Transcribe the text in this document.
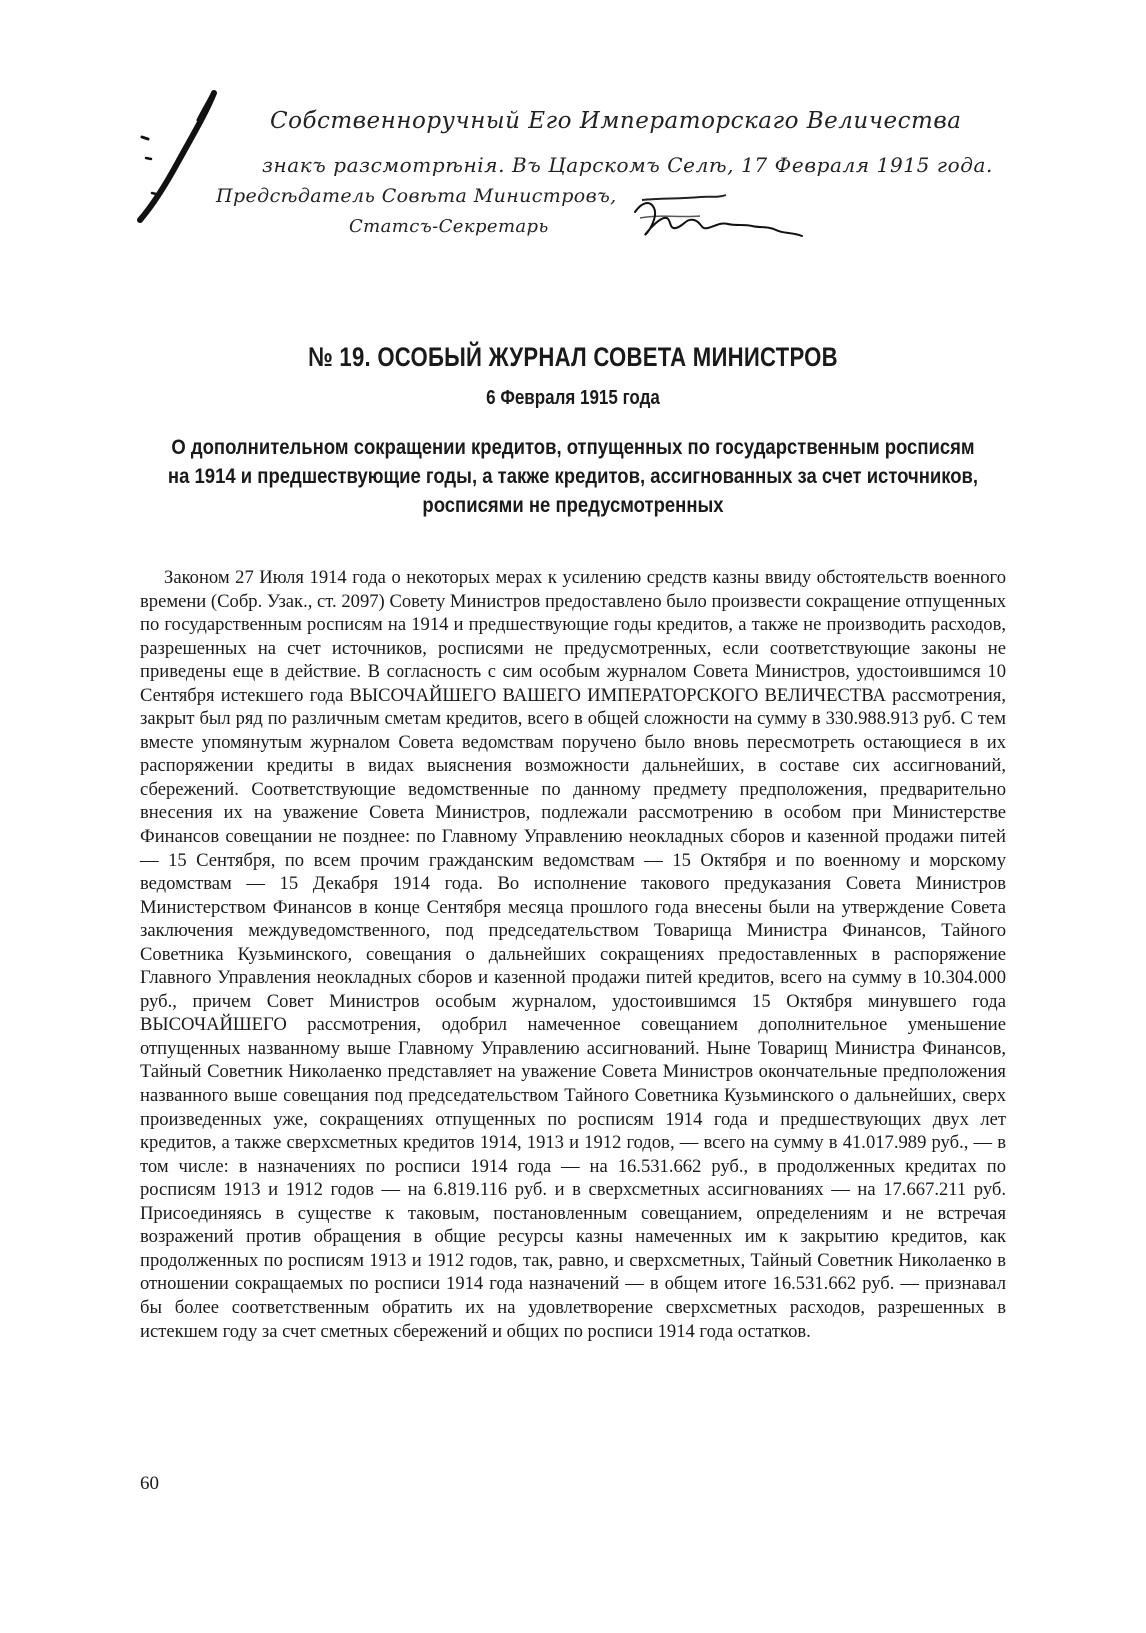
Собственноручный Его Императорскаго Величества
знакъ разсмотрѣнія. Въ Царскомъ Селѣ, 17 Февраля 1915 года.
Предсѣдатель Совѣта Министровъ,
Статсъ-Секретарь
№ 19. ОСОБЫЙ ЖУРНАЛ СОВЕТА МИНИСТРОВ
6 Февраля 1915 года
О дополнительном сокращении кредитов, отпущенных по государственным росписям на 1914 и предшествующие годы, а также кредитов, ассигнованных за счет источников, росписями не предусмотренных

Законом 27 Июля 1914 года о некоторых мерах к усилению средств казны ввиду обстоятельств военного времени (Собр. Узак., ст. 2097) Совету Министров предоставлено было произвести сокращение отпущенных по государственным росписям на 1914 и предшествующие годы кредитов, а также не производить расходов, разрешенных на счет источников, росписями не предусмотренных, если соответствующие законы не приведены еще в действие. В согласность с сим особым журналом Совета Министров, удостоившимся 10 Сентября истекшего года ВЫСОЧАЙШЕГО ВАШЕГО ИМПЕРАТОРСКОГО ВЕЛИЧЕСТВА рассмотрения, закрыт был ряд по различным сметам кредитов, всего в общей сложности на сумму в 330.988.913 руб. С тем вместе упомянутым журналом Совета ведомствам поручено было вновь пересмотреть остающиеся в их распоряжении кредиты в видах выяснения возможности дальнейших, в составе сих ассигнований, сбережений. Соответствующие ведомственные по данному предмету предположения, предварительно внесения их на уважение Совета Министров, подлежали рассмотрению в особом при Министерстве Финансов совещании не позднее: по Главному Управлению неокладных сборов и казенной продажи питей — 15 Сентября, по всем прочим гражданским ведомствам — 15 Октября и по военному и морскому ведомствам — 15 Декабря 1914 года. Во исполнение такового предуказания Совета Министров Министерством Финансов в конце Сентября месяца прошлого года внесены были на утверждение Совета заключения междуведомственного, под председательством Товарища Министра Финансов, Тайного Советника Кузьминского, совещания о дальнейших сокращениях предоставленных в распоряжение Главного Управления неокладных сборов и казенной продажи питей кредитов, всего на сумму в 10.304.000 руб., причем Совет Министров особым журналом, удостоившимся 15 Октября минувшего года ВЫСОЧАЙШЕГО рассмотрения, одобрил намеченное совещанием дополнительное уменьшение отпущенных названному выше Главному Управлению ассигнований. Ныне Товарищ Министра Финансов, Тайный Советник Николаенко представляет на уважение Совета Министров окончательные предположения названного выше совещания под председательством Тайного Советника Кузьминского о дальнейших, сверх произведенных уже, сокращениях отпущенных по росписям 1914 года и предшествующих двух лет кредитов, а также сверхсметных кредитов 1914, 1913 и 1912 годов, — всего на сумму в 41.017.989 руб., — в том числе: в назначениях по росписи 1914 года — на 16.531.662 руб., в продолженных кредитах по росписям 1913 и 1912 годов — на 6.819.116 руб. и в сверхсметных ассигнованиях — на 17.667.211 руб. Присоединяясь в существе к таковым, постановленным совещанием, определениям и не встречая возражений против обращения в общие ресурсы казны намеченных им к закрытию кредитов, как продолженных по росписям 1913 и 1912 годов, так, равно, и сверхсметных, Тайный Советник Николаенко в отношении сокращаемых по росписи 1914 года назначений — в общем итоге 16.531.662 руб. — признавал бы более соответственным обратить их на удовлетворение сверхсметных расходов, разрешенных в истекшем году за счет сметных сбережений и общих по росписи 1914 года остатков.

60
